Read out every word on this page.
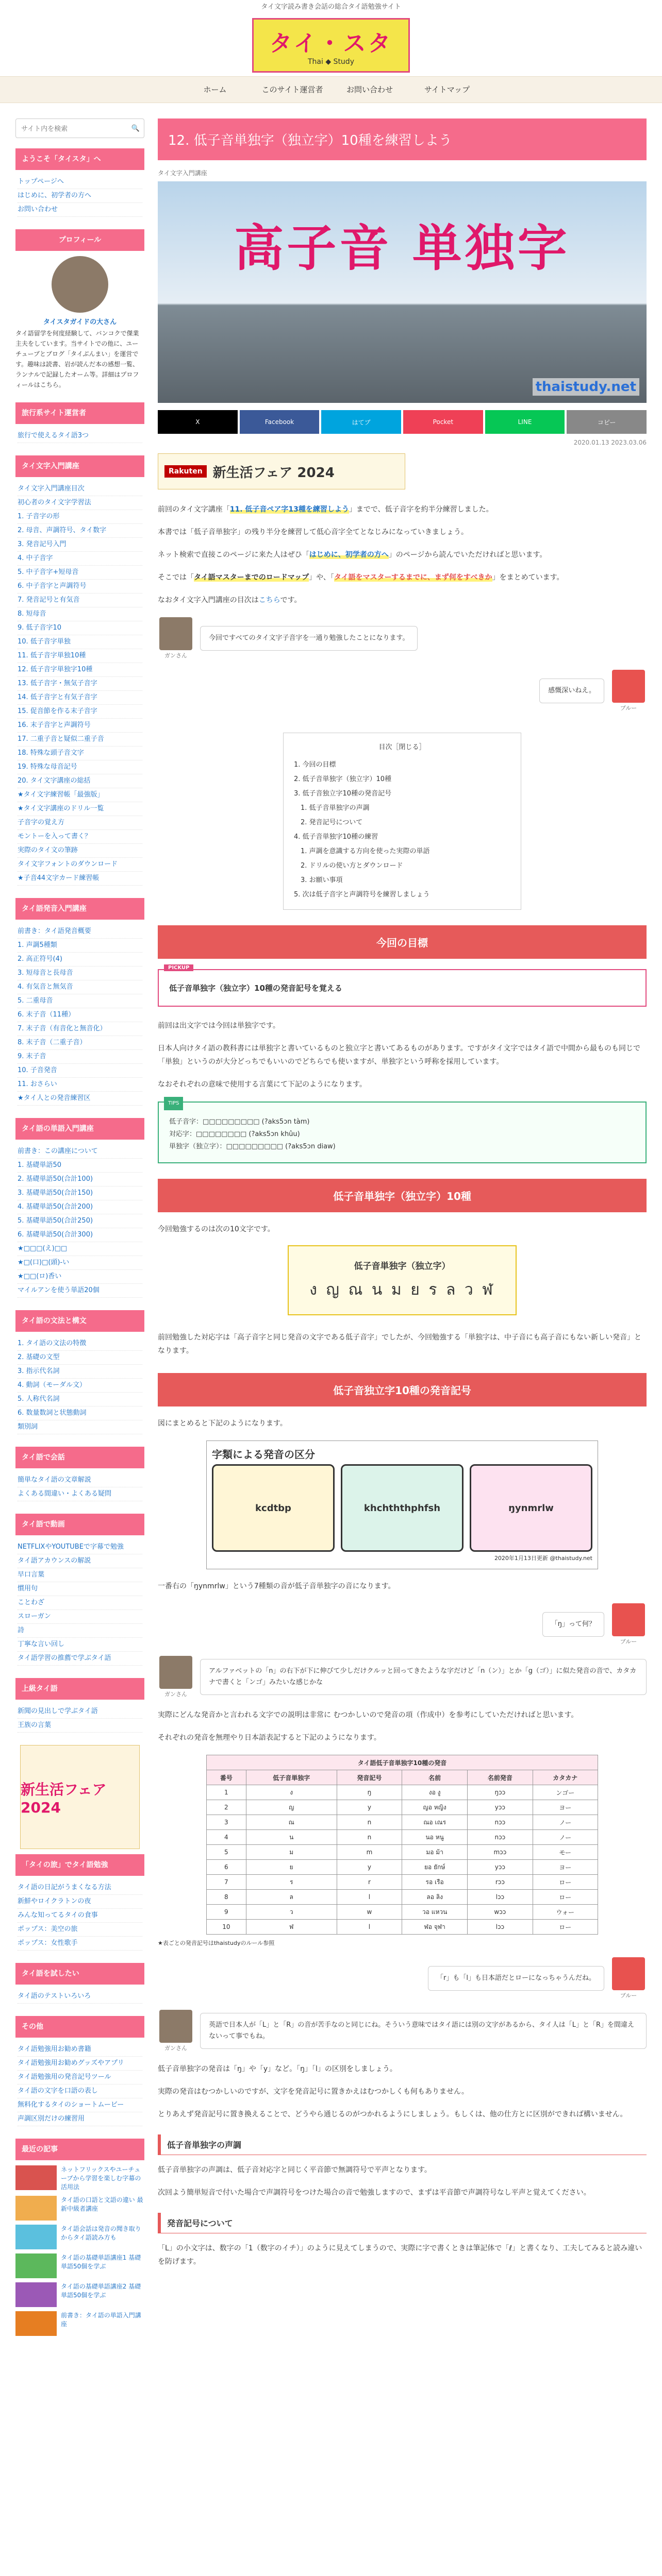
タイ文字読み書き会話の総合タイ語勉強サイト
タイ・スタ
Thai ◆ Study
ホーム	このサイト運営者	お問い合わせ	サイトマップ
サイト内を検索
🔍
ようこそ「タイスタ」へ
トップページへ
はじめに、初学者の方へ
お問い合わせ
プロフィール
タイスタガイドの大さん
タイ語留学を何度経験して、バンコクで傑業主夫をしています。当サイトでの他に、ユーチューブとブログ「タイぶんまい」を運営です。趣味は読書、岩が読んだ本の感想一覧、ランナルで記録したオーム等。詳細はプロフィールはこちら。
旅行系サイト運営者
旅行で使えるタイ語3つ
タイ文字入門講座
タイ文字入門講座目次
初心者のタイ文字学習法
1. 子音字の形
2. 母音、声調符号、タイ数字
3. 発音記号入門
4. 中子音字
5. 中子音字+短母音
6. 中子音字と声調符号
7. 発音記号と有気音
8. 短母音
9. 低子音字10
10. 低子音字単独
11. 低子音字単独10種
12. 低子音字単独字10種
13. 低子音字・無気子音字
14. 低子音字と有気子音字
15. 促音節を作る末子音字
16. 末子音字と声調符号
17. 二重子音と疑似二重子音
18. 特殊な頭子音文字
19. 特殊な母音記号
20. タイ文字講座の総括
★タイ文字練習帳「最強版」
★タイ文字講座のドリル一覧
子音字の覚え方
モントーを入って書く？
実際のタイ文の筆跡
タイ文字フォントのダウンロード
★子音44文字カード練習帳
タイ語発音入門講座
前書き：タイ語発音概要
1. 声調5種類
2. 高正符号(4)
3. 短母音と長母音
4. 有気音と無気音
5. 二重母音
6. 末子音（11種）
7. 末子音（有音化と無音化）
8. 末子音（二重子音）
9. 末子音
10. 子音発音
11. おさらい
★タイ人との発音練習区
タイ語の単語入門講座
前書き：この講座について
1. 基礎単語50
2. 基礎単語50(合計100)
3. 基礎単語50(合計150)
4. 基礎単語50(合計200)
5. 基礎単語50(合計250)
6. 基礎単語50(合計300)
★□□□(え)□□
★□(口)□(頭)-い
★□□(ロ)香い
マイルアンを使う単語20個
タイ語の文法と構文
1. タイ語の文法の特徴
2. 基礎の文型
3. 指示代名詞
4. 動詞（モーダル文）
5. 人称代名詞
6. 数量数詞と状態動詞
類別詞
タイ語で会話
簡単なタイ語の文章解説
よくある間違い・よくある疑問
タイ語で動画
NETFLIXやYOUTUBEで字幕で勉強
タイ語アカウンスの解説
早口言葉
慣用句
ことわざ
スローガン
詩
丁寧な言い回し
タイ語学習の推薦で学ぶタイ語
上級タイ語
新聞の見出しで学ぶタイ語
王族の言葉
新生活フェア 2024
「タイの旅」でタイ語勉強
タイ語の日記がうまくなる方法
新鮮やロイクラトンの夜
みんな知ってるタイの食事
ポップス：美空の旅
ポップス：女性歌手
タイ語を試したい
タイ語のテストいろいろ
その他
タイ語勉強用お勧め書籍
タイ語勉強用お勧めグッズやアプリ
タイ語勉強用の発音記号ツール
タイ語の文字を口語の表し
無料化するタイのショートムービー
声調区別だけの練習用
最近の記事
ネットフリックスやユーチューブから学習を楽しむ字幕の活用法
タイ語の口語と文語の違い 最新中級者講座
タイ語会話は発音の聞き取りからタイ語読み方も
タイ語の基礎単語講座1 基礎単語50個を学ぶ
タイ語の基礎単語講座2 基礎単語50個を学ぶ
前書き：タイ語の単語入門講座
12. 低子音単独字（独立字）10種を練習しよう
タイ文字入門講座
高子音 単独字
thaistudy.net
X	Facebook	はてブ	Pocket	LINE	コピー
2020.01.13 2023.03.06
Rakuten 新生活フェア 2024

前回のタイ文字講座「11. 低子音ペア字13種を練習しよう」までで、低子音字を約半分練習しました。

本書では「低子音単独字」の残り半分を練習して低心音字全てとなじみになっていきましょう。

ネット検索で直接このページに来た人はぜひ「はじめに、初学者の方へ」のページから読んでいただければと思います。

そこでは「タイ語マスターまでのロードマップ」や、「タイ語をマスターするまでに、まず何をすべきか」をまとめています。

なおタイ文字入門講座の目次はこちらです。

ガンさん
今回ですべてのタイ文字子音字を一通り勉強したことになります。
ブルー
感慨深いねえ。
目次［閉じる］
1. 今回の目標
2. 低子音単独字（独立字）10種
3. 低子音独立字10種の発音記号
　1. 低子音単独字の声調
　2. 発音記号について
4. 低子音単独字10種の練習
　1. 声調を意識する方向を使った実際の単語
　2. ドリルの使い方とダウンロード
　3. お願い事項
5. 次は低子音字と声調符号を練習しましょう
今回の目標
PICKUP
低子音単独字（独立字）10種の発音記号を覚える

前回は出文字では今回は単独字です。

日本人向けタイ語の教科書には単独字と書いているものと独立字と書いてあるものがあります。ですがタイ文字ではタイ語で中間から最ものも同じで「単独」というのが大分どっちでもいいのでどちらでも使いますが、単独字という呼称を採用しています。

なおそれぞれの意味で使用する言葉にて下記のようになります。

TIPS
低子音字：□□□□□□□□□ (?aks5ɔn tàm)
対応字：□□□□□□□□ (?aks5ɔn khûu)
単独字（独立字）：□□□□□□□□□ (?aks5ɔn diaw)
低子音単独字（独立字）10種

今回勉強するのは次の10文字です。

低子音単独字（独立字）
ง ญ ณ น ม ย ร ล ว ฬ

前回勉強した対応字は「高子音字と同じ発音の文字である低子音字」でしたが、今回勉強する「単独字は、中子音にも高子音にもない新しい発音」となります。

低子音独立字10種の発音記号

図にまとめると下記のようになります。

字類による発音の区分
kcdtbp	khchththphfsh	ŋynmrlw
2020年1月13日更新 @thaistudy.net

一番右の「ŋynmrlw」という7種類の音が低子音単独字の音になります。

ブルー
「ŋ」って何？
ガンさん
アルファベットの「n」の右下が下に伸びて少しだけクルッと回ってきたような字だけど「n（ン）」とか「g（ゴ）」に似た発音の音で、カタカナで書くと「ンゴ」みたいな感じかな

実際にどんな発音かと言われる文字での説明は非常に むつかしいので発音の項（作成中）を参考にしていただければと思います。

それぞれの発音を無理やり日本語表記すると下記のようになります。

タイ語低子音単独字10種の発音					
番号	低子音単独字	発音記号	名前	名前発音	カタカナ
1	ง	ŋ	งอ งู	ŋɔɔ	ンゴー
2	ญ	y	ญอ หญิง	yɔɔ	ヨー
3	ณ	n	ณอ เณร	nɔɔ	ノー
4	น	n	นอ หนู	nɔɔ	ノー
5	ม	m	มอ ม้า	mɔɔ	モー
6	ย	y	ยอ ยักษ์	yɔɔ	ヨー
7	ร	r	รอ เรือ	rɔɔ	ロー
8	ล	l	ลอ ลิง	lɔɔ	ロー
9	ว	w	วอ แหวน	wɔɔ	ウォー
10	ฬ	l	ฬอ จุฬา	lɔɔ	ロー
★表ごとの発音記号はthaistudyのルール参照
ブルー
「r」も「l」も日本語だとローになっちゃうんだね。
ガンさん
英語で日本人が「L」と「R」の音が苦手なのと同じにね。そういう意味ではタイ語には別の文字があるから、タイ人は「L」と「R」を間違えないって事でもね。

低子音単独字の発音は「ŋ」や「y」など。「ŋ」「l」の区別をしましょう。

実際の発音はむつかしいのですが、文字を発音記号に置きかえはむつかしくも何もありません。

とりあえず発音記号に置き換えることで、どうやら通じるのがつかれるようにしましょう。もしくは、他の仕方とに区別ができれば構いません。

低子音単独字の声調

低子音単独字の声調は、低子音対応字と同じく平音節で無調符号で平声となります。

次回よう簡単短音で付いた場合で声調符号をつけた場合の音で勉強しますので、まずは平音節で声調符号なし平声と覚えてください。

発音記号について

「L」の小文字は、数字の「1（数字のイチ）」のように見えてしまうので、実際に字で書くときは筆記体で「ℓ」と書くなり、工夫してみると読み違いを防げます。
